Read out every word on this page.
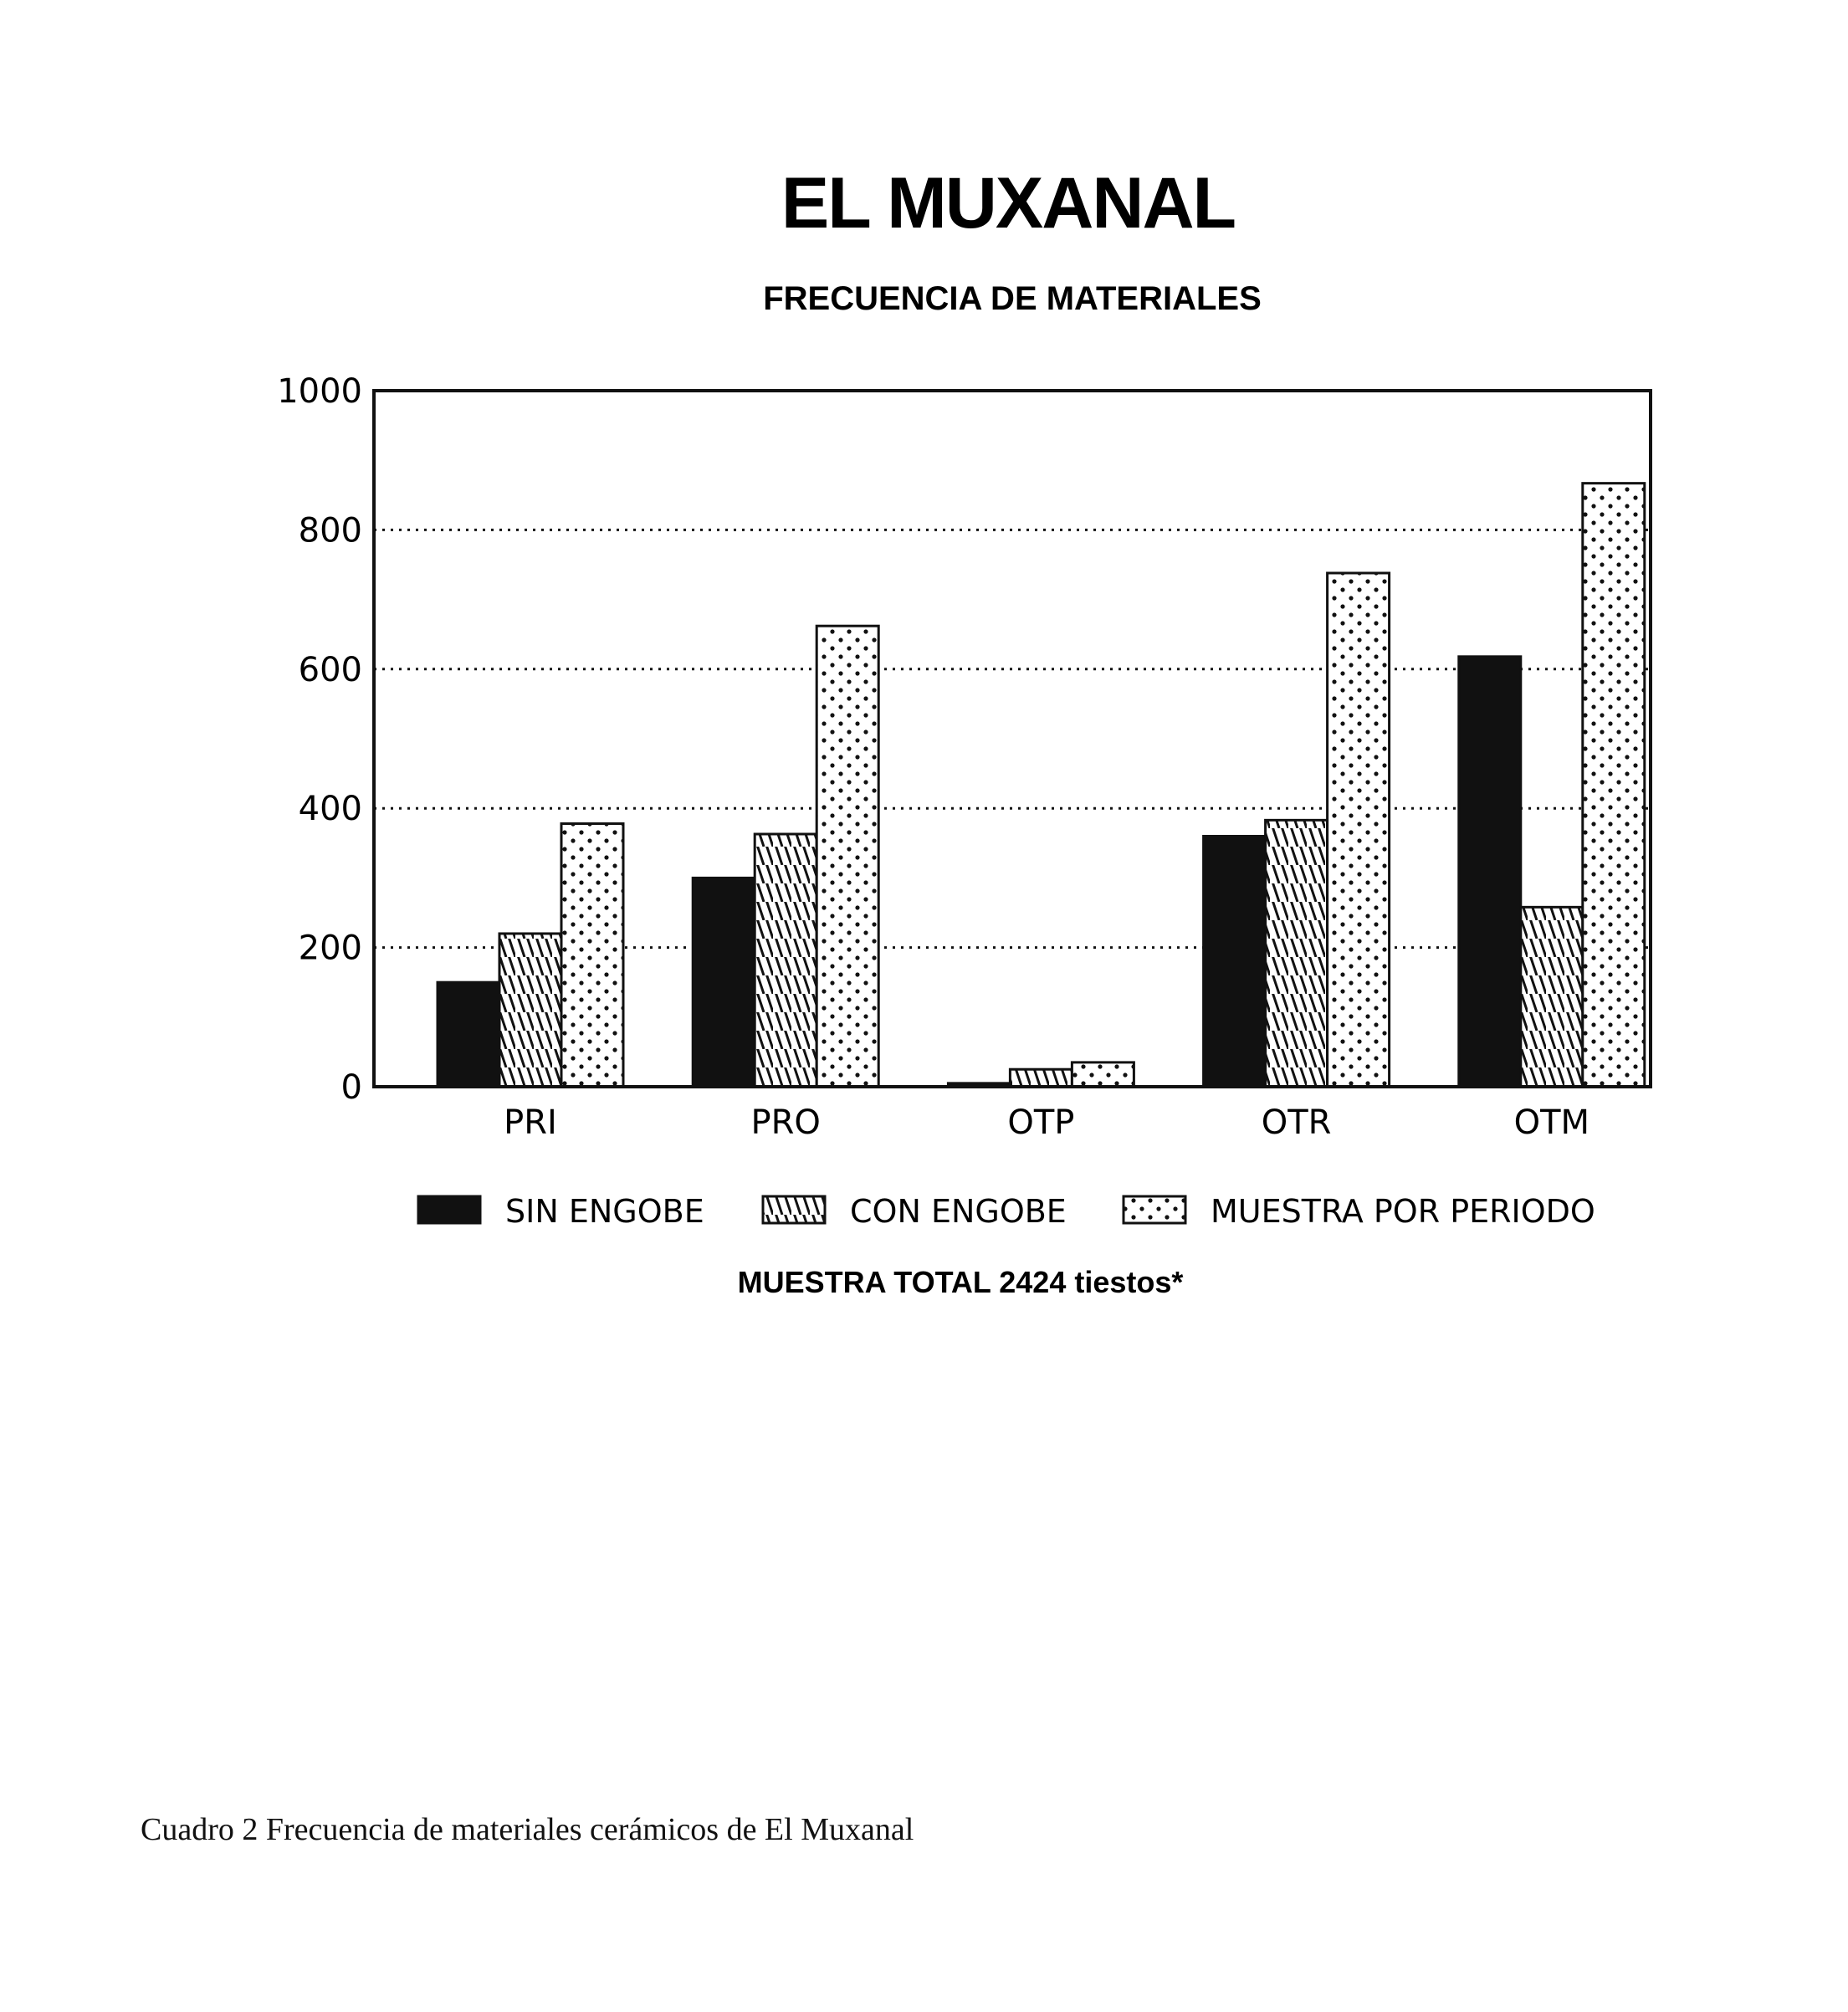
EL MUXANAL
FRECUENCIA DE MATERIALES
0
200
400
600
800
1000
PRI	PRO	OTP	OTR	OTM
SIN ENGOBE	CON ENGOBE	MUESTRA POR PERIODO
MUESTRA TOTAL 2424 tiestos*
Cuadro 2 Frecuencia de materiales cerámicos de El Muxanal
